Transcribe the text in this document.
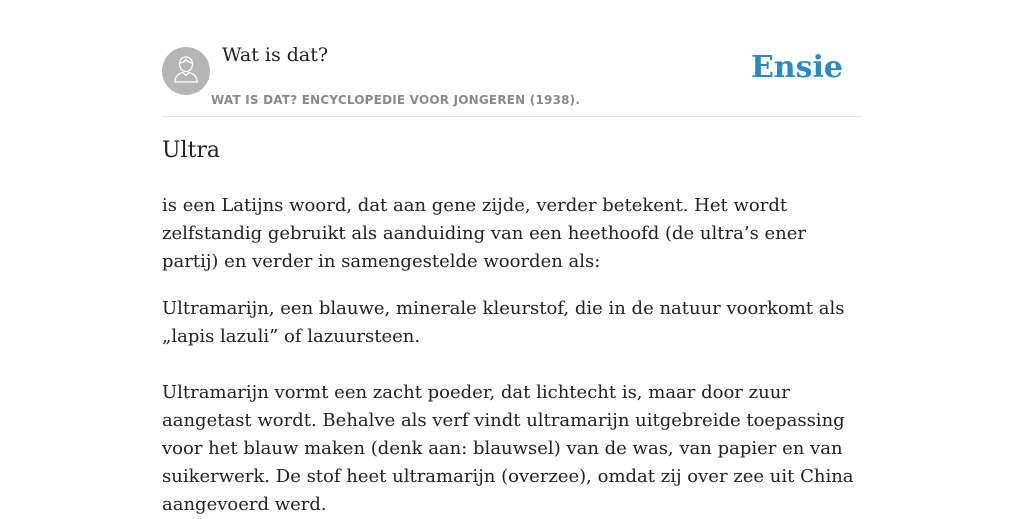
Wat is dat?
WAT IS DAT? ENCYCLOPEDIE VOOR JONGEREN (1938).
Ensie
Ultra

is een Latijns woord, dat aan gene zijde, verder betekent. Het wordt zelfstandig gebruikt als aanduiding van een heethoofd (de ultra’s ener partij) en verder in samengestelde woorden als:

Ultramarijn, een blauwe, minerale kleurstof, die in de natuur voorkomt als „lapis lazuli” of lazuursteen.

Ultramarijn vormt een zacht poeder, dat lichtecht is, maar door zuur aangetast wordt. Behalve als verf vindt ultramarijn uitgebreide toepassing voor het blauw maken (denk aan: blauwsel) van de was, van papier en van suikerwerk. De stof heet ultramarijn (overzee), omdat zij over zee uit China aangevoerd werd.
